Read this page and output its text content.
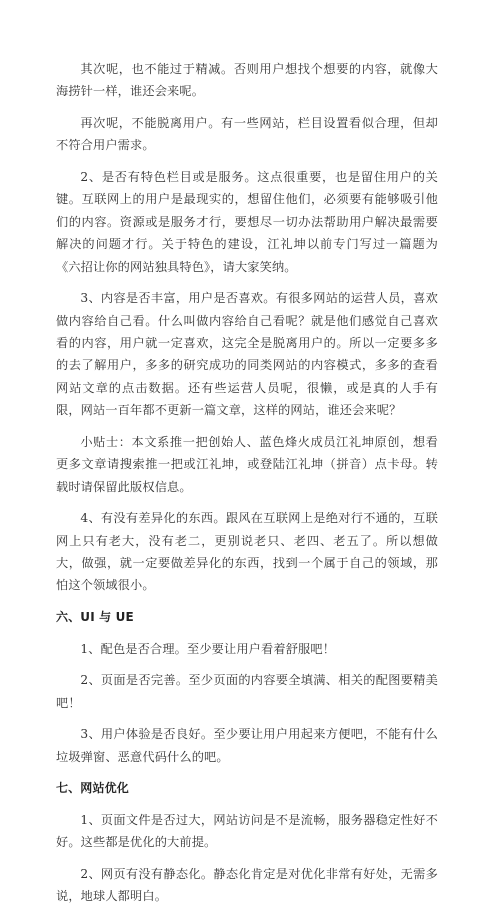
其次呢，也不能过于精减。否则用户想找个想要的内容，就像大海捞针一样，谁还会来呢。

再次呢，不能脱离用户。有一些网站，栏目设置看似合理，但却不符合用户需求。

2、是否有特色栏目或是服务。这点很重要，也是留住用户的关键。互联网上的用户是最现实的，想留住他们，必须要有能够吸引他们的内容。资源或是服务才行，要想尽一切办法帮助用户解决最需要解决的问题才行。关于特色的建设，江礼坤以前专门写过一篇题为《六招让你的网站独具特色》，请大家笑纳。

3、内容是否丰富，用户是否喜欢。有很多网站的运营人员，喜欢做内容给自己看。什么叫做内容给自己看呢？就是他们感觉自己喜欢看的内容，用户就一定喜欢，这完全是脱离用户的。所以一定要多多的去了解用户，多多的研究成功的同类网站的内容模式，多多的查看网站文章的点击数据。还有些运营人员呢，很懒，或是真的人手有限，网站一百年都不更新一篇文章，这样的网站，谁还会来呢？

小贴士：本文系推一把创始人、蓝色烽火成员江礼坤原创，想看更多文章请搜索推一把或江礼坤，或登陆江礼坤（拼音）点卡母。转载时请保留此版权信息。

4、有没有差异化的东西。跟风在互联网上是绝对行不通的，互联网上只有老大，没有老二，更别说老只、老四、老五了。所以想做大，做强，就一定要做差异化的东西，找到一个属于自己的领域，那怕这个领域很小。

六、UI 与 UE

1、配色是否合理。至少要让用户看着舒服吧！

2、页面是否完善。至少页面的内容要全填满、相关的配图要精美吧！

3、用户体验是否良好。至少要让用户用起来方便吧，不能有什么垃圾弹窗、恶意代码什么的吧。

七、网站优化

1、页面文件是否过大，网站访问是不是流畅，服务器稳定性好不好。这些都是优化的大前提。

2、网页有没有静态化。静态化肯定是对优化非常有好处，无需多说，地球人都明白。
